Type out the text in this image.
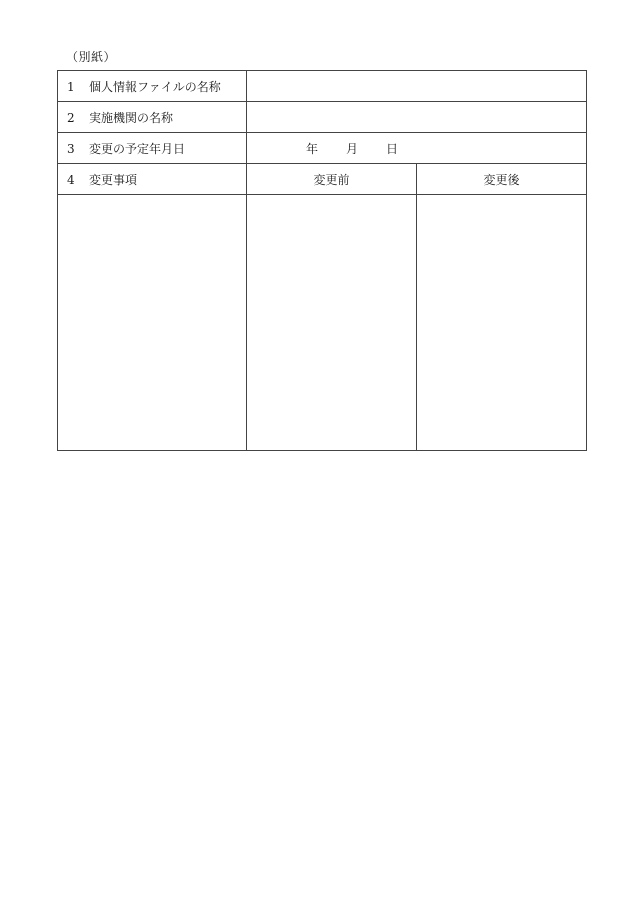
（別紙）
1 個人情報ファイルの名称		
2 実施機関の名称		
3 変更の予定年月日	年 月 日	
4 変更事項	変更前	変更後
